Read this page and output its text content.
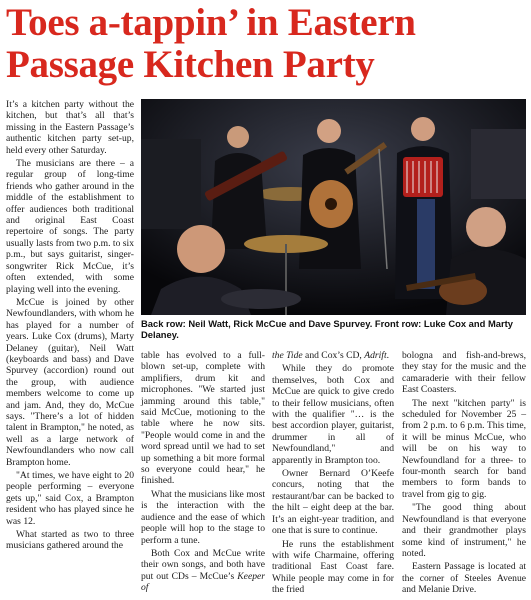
Toes a-tappin’ in Eastern
Passage Kitchen Party

It’s a kitchen party without the kitchen, but that’s all that’s missing in the Eastern Passage’s authentic kitchen party set-up, held every other Saturday.

The musicians are there – a regular group of long-time friends who gather around in the middle of the establishment to offer audiences both traditional and original East Coast repertoire of songs. The party usually lasts from two p.m. to six p.m., but says guitarist, singer-songwriter Rick McCue, it’s often extended, with some playing well into the evening.

McCue is joined by other Newfoundlanders, with whom he has played for a number of years. Luke Cox (drums), Marty Delaney (guitar), Neil Watt (keyboards and bass) and Dave Spurvey (accordion) round out the group, with audience members welcome to come up and jam. And, they do, McCue says. "There’s a lot of hidden talent in Brampton," he noted, as well as a large network of Newfoundlanders who now call Brampton home.

"At times, we have eight to 20 people performing – everyone gets up," said Cox, a Brampton resident who has played since he was 12.

What started as two to three musicians gathered around the

Back row: Neil Watt, Rick McCue and Dave Spurvey. Front row: Luke Cox and Marty Delaney.

table has evolved to a full-blown set-up, complete with amplifiers, drum kit and microphones. "We started just jamming around this table," said McCue, motioning to the table where he now sits. "People would come in and the word spread until we had to set up something a bit more formal so everyone could hear," he finished.

What the musicians like most is the interaction with the audience and the ease of which people will hop to the stage to perform a tune.

Both Cox and McCue write their own songs, and both have put out CDs – McCue’s Keeper of

the Tide and Cox’s CD, Adrift.

While they do promote themselves, both Cox and McCue are quick to give credo to their fellow musicians, often with the qualifier "… is the best accordion player, guitarist, drummer in all of Newfoundland," and apparently in Brampton too.

Owner Bernard O’Keefe concurs, noting that the restaurant/bar can be backed to the hilt – eight deep at the bar. It’s an eight-year tradition, and one that is sure to continue.

He runs the establishment with wife Charmaine, offering traditional East Coast fare. While people may come in for the fried

bologna and fish-and-brews, they stay for the music and the camaraderie with their fellow East Coasters.

The next "kitchen party" is scheduled for November 25 – from 2 p.m. to 6 p.m. This time, it will be minus McCue, who will be on his way to Newfoundland for a three- to four-month search for band members to form bands to travel from gig to gig.

"The good thing about Newfoundland is that everyone and their grandmother plays some kind of instrument," he noted.

Eastern Passage is located at the corner of Steeles Avenue and Melanie Drive.
